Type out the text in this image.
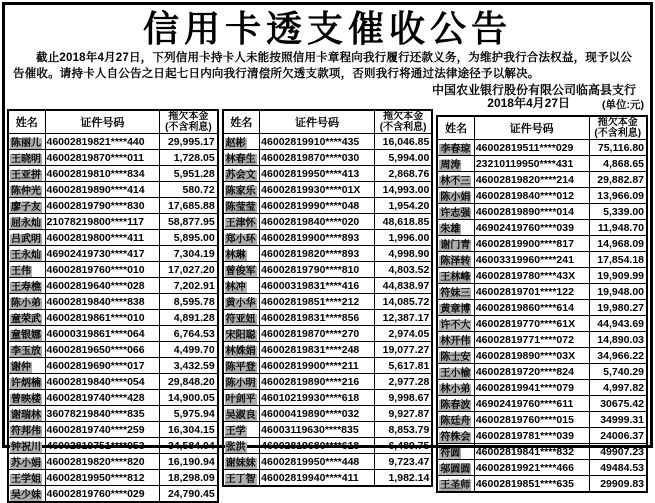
信用卡透支催收公告

截止2018年4月27日，下列信用卡持卡人未能按照信用卡章程向我行履行还款义务，为维护我行合法权益，现予以公告催收。请持卡人自公告之日起七日内向我行清偿所欠透支款项，否则我行将通过法律途径予以解决。

中国农业银行股份有限公司临高县支行
2018年4月27日	(单位:元)
姓名	证件号码	拖欠本金
(不含利息)

陈丽儿	46002819821****440	29,995.17
王晓明	46002819870****011	1,728.05
王亚拼	46002819810****834	5,951.28
陈仲光	46002819890****414	580.72
廖子友	46002819790****830	17,685.88
屈永灿	21078219800****117	58,877.95
吕武明	46002819800****411	5,895.00
王永灿	46902419730****417	7,304.19
王伟	46002819760****010	17,027.20
王寿樵	46002819640****028	7,202.91
陈小弟	46002819840****838	8,595.78
童荣武	46002819861****010	4,891.28
童银娜	46000319861****064	6,764.53
李玉放	46002819650****066	4,499.70
谢仲	46002819690****017	3,432.59
许炳楠	46002819840****054	29,848.20
曾映楼	46002819740****428	14,900.05
谢瑞林	36078219840****835	5,975.94
符邦伟	46002819740****259	16,304.15
钟祝川	46002819751****053	34,584.04
苏小娟	46002819820****820	16,190.94
王学姐	46002819950****812	18,298.09
吴少妹	46002819760****029	24,790.45
姓名	证件号码	拖欠本金
(不含利息)

赵彬	46002819910****435	16,046.85
林春生	46002819870****030	5,994.00
苏会文	46002819950****413	2,868.76
陈家乐	46002819930****01X	14,993.00
陈莹莹	46002819990****048	1,954.20
王津怀	46002819840****020	48,618.85
郑小环	46002819900****893	1,996.00
林琳	46002819820****893	4,998.90
曾俊军	46002819790****810	4,803.52
林冲	46000319831****416	44,838.97
黄小华	46002819851****212	14,085.72
符亚妞	46002819831****856	12,387.17
宋阳聪	46002819870****270	2,974.05
林姝娟	46002819831****248	19,077.27
陈平登	46002819900****211	5,617.81
陈小明	46002819890****216	2,977.28
叶剑平	46010219930****618	9,998.67
吴淑良	46000419890****032	9,927.87
王学	46003119630****835	8,853.79
张洪	46002819680****618	6,489.75
谢妹妹	46002819950****448	9,723.47
王丁智	46002819940****411	1,982.14
姓名	证件号码	拖欠本金
(不含利息)

李春琼	46002819511****029	75,116.80
周涛	23210119950****431	4,868.65
林不三	46002819820****214	29,882.87
陈小娟	46002819840****012	13,966.09
许志强	46002819890****014	5,339.00
朱雄	46902419760****039	11,948.70
谢门青	46002819900****817	14,968.09
陈泽转	46003319960****241	17,854.18
王林峰	46002819780****43X	19,909.99
符妹三	46002819701****122	19,948.00
黄章博	46002819860****614	19,980.27
许不大	46002819770****61X	44,943.69
林开伟	46002819771****072	14,890.03
陈士安	46002819890****03X	34,966.22
王小榆	46002819720****824	5,740.29
林小弟	46002819941****079	4,997.82
陈春波	46902419760****611	30675.42
陈廷舟	46002819760****015	34999.31
符株会	46002819781****039	24006.37
符圆	46002819841****832	49907.23
邬圆圆	46002819921****466	49484.53
王圣师	46002819851****635	29909.83
